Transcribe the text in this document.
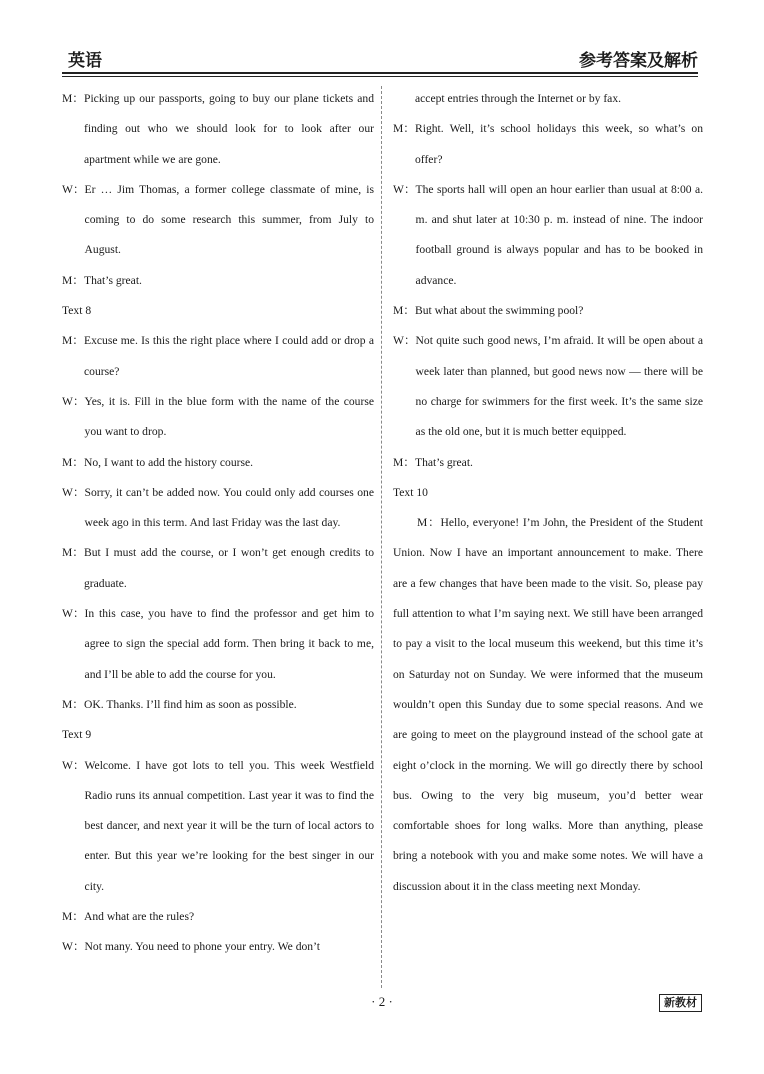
英语	参考答案及解析
M： Picking up our passports, going to buy our plane tickets and finding out who we should look for to look after our apartment while we are gone.
W： Er … Jim Thomas, a former college classmate of mine, is coming to do some research this summer, from July to August.
M： That’s great.
Text 8
M： Excuse me. Is this the right place where I could add or drop a course?
W： Yes, it is. Fill in the blue form with the name of the course you want to drop.
M： No, I want to add the history course.
W： Sorry, it can’t be added now. You could only add courses one week ago in this term. And last Friday was the last day.
M： But I must add the course, or I won’t get enough credits to graduate.
W： In this case, you have to find the professor and get him to agree to sign the special add form. Then bring it back to me, and I’ll be able to add the course for you.
M： OK. Thanks. I’ll find him as soon as possible.
Text 9
W： Welcome. I have got lots to tell you. This week Westfield Radio runs its annual competition. Last year it was to find the best dancer, and next year it will be the turn of local actors to enter. But this year we’re looking for the best singer in our city.
M： And what are the rules?
W： Not many. You need to phone your entry. We don’t
accept entries through the Internet or by fax.
M： Right. Well, it’s school holidays this week, so what’s on offer?
W： The sports hall will open an hour earlier than usual at 8:00 a. m. and shut later at 10:30 p. m. instead of nine. The indoor football ground is always popular and has to be booked in advance.
M： But what about the swimming pool?
W： Not quite such good news, I’m afraid. It will be open about a week later than planned, but good news now — there will be no charge for swimmers for the first week. It’s the same size as the old one, but it is much better equipped.
M： That’s great.
Text 10
M：Hello, everyone! I’m John, the President of the Student Union. Now I have an important announcement to make. There are a few changes that have been made to the visit. So, please pay full attention to what I’m saying next. We still have been arranged to pay a visit to the local museum this weekend, but this time it’s on Saturday not on Sunday. We were informed that the museum wouldn’t open this Sunday due to some special reasons. And we are going to meet on the playground instead of the school gate at eight o’clock in the morning. We will go directly there by school bus. Owing to the very big museum, you’d better wear comfortable shoes for long walks. More than anything, please bring a notebook with you and make some notes. We will have a discussion about it in the class meeting next Monday.
· 2 ·	新教材
